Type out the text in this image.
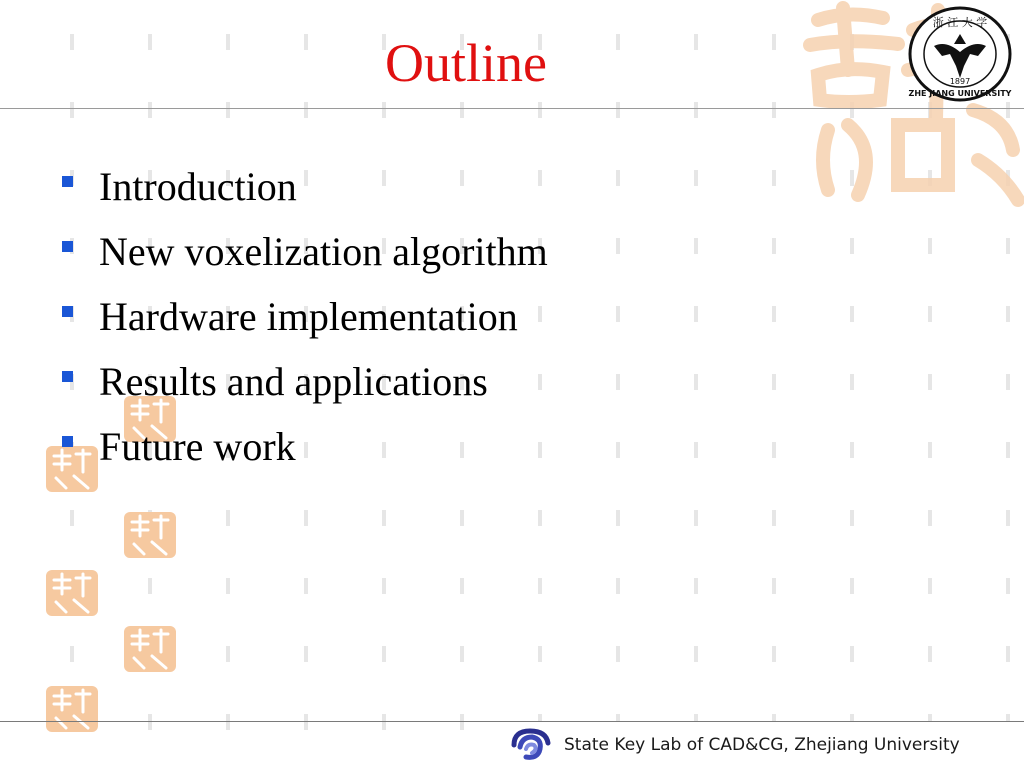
浙 江 大 学
1897
ZHE JIANG UNIVERSITY
Outline
Introduction
New voxelization algorithm
Hardware implementation
Results and applications
Future work
State Key Lab of CAD&CG, Zhejiang University
